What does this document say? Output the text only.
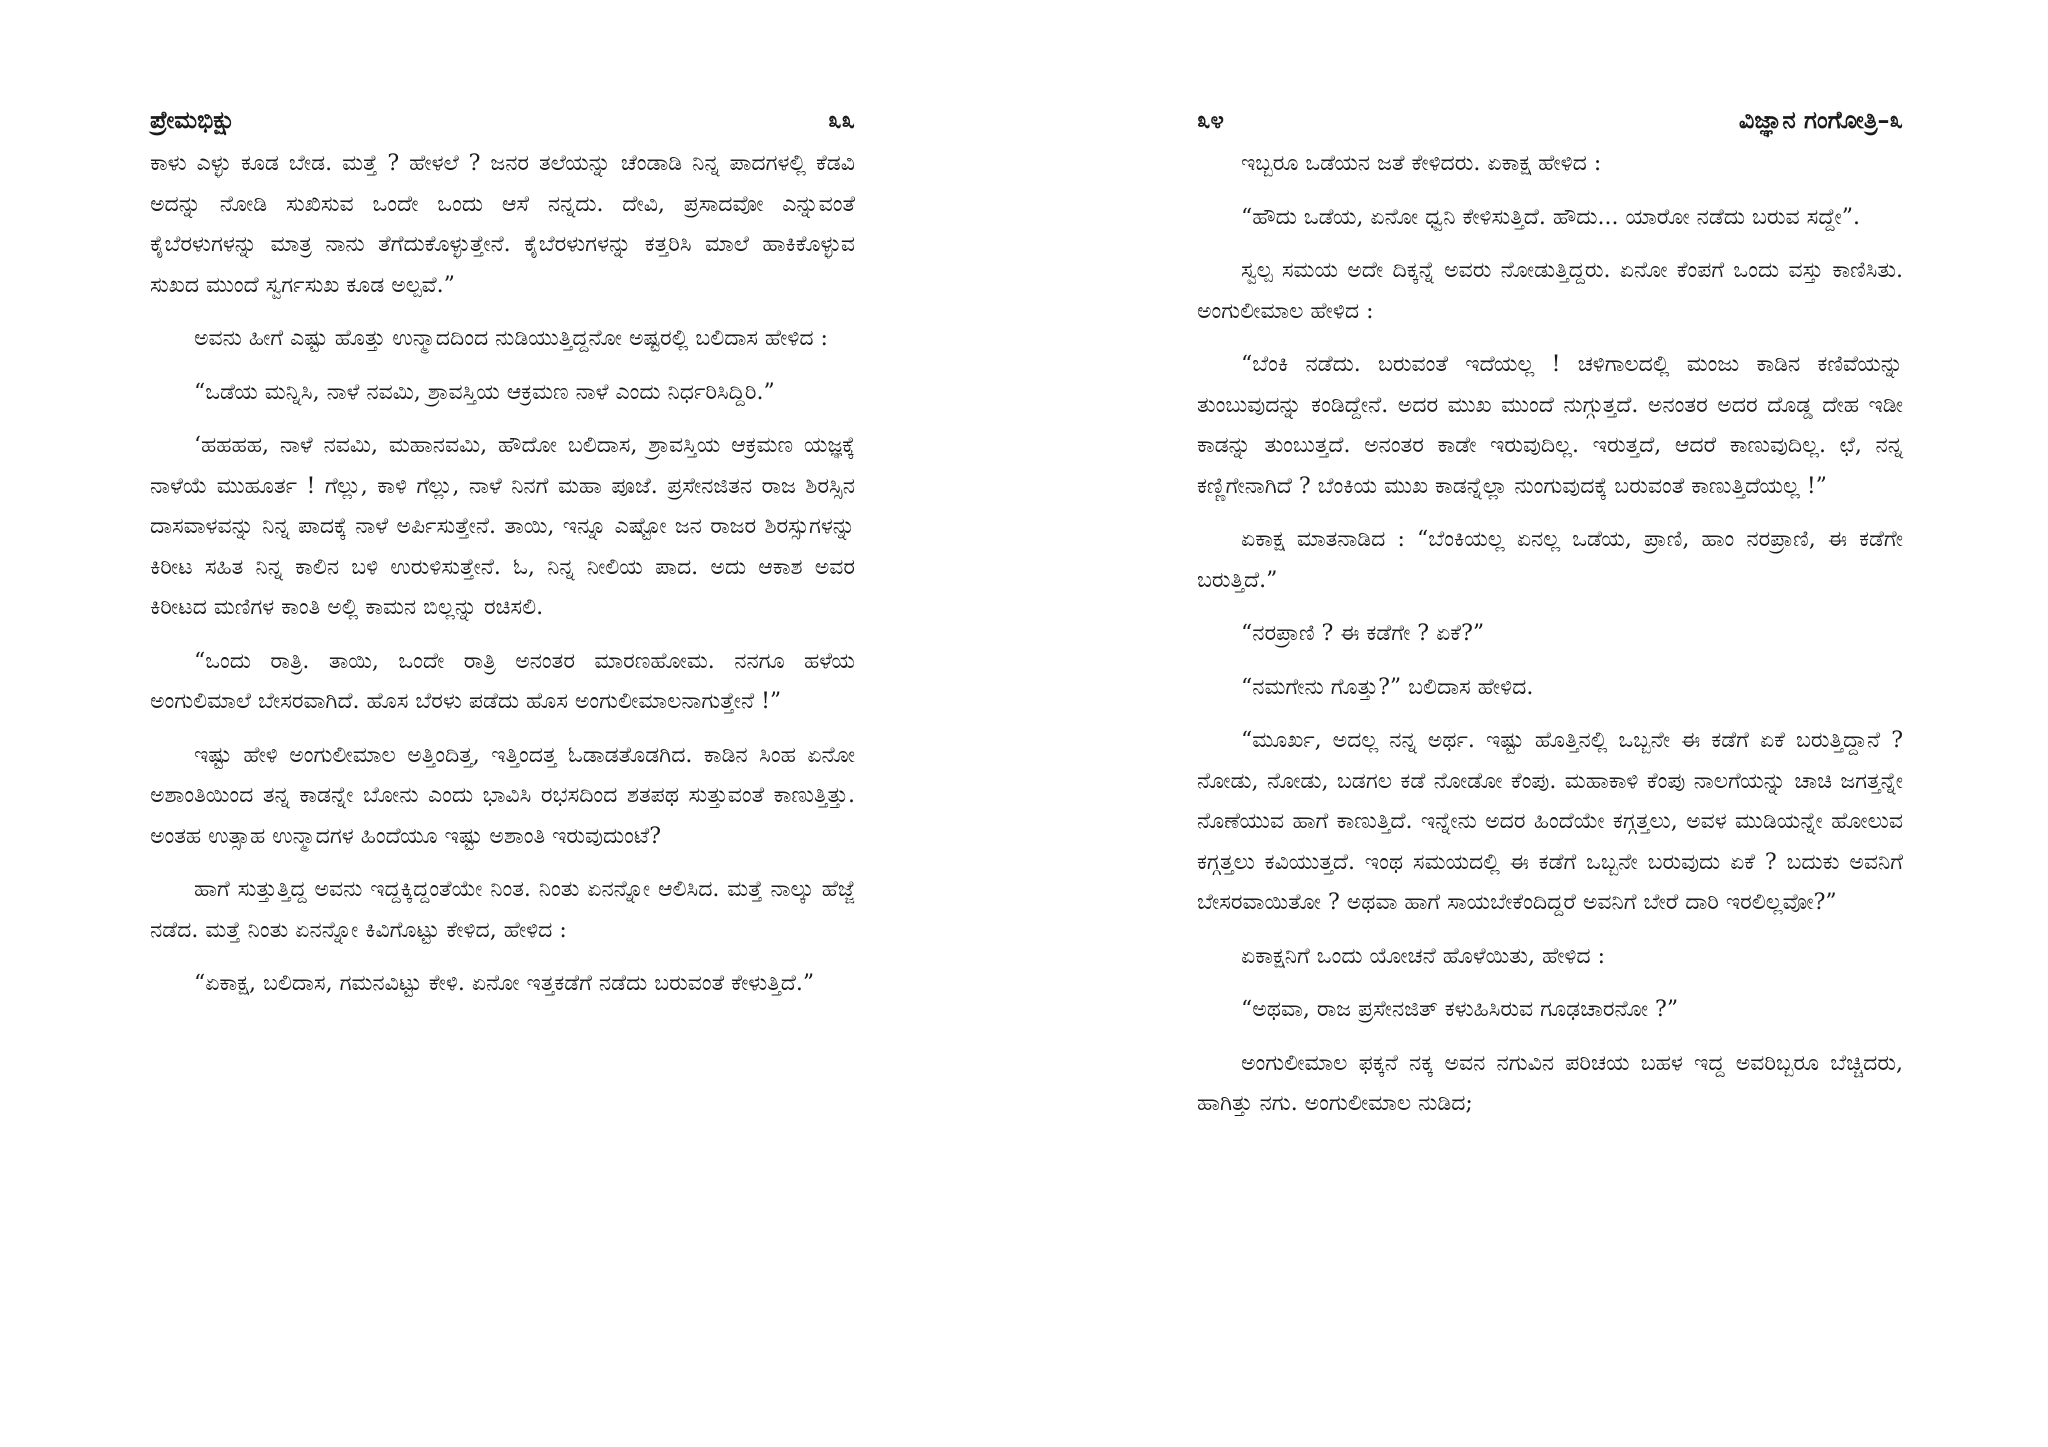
ಪ್ರೇಮಭಿಕ್ಷು	೩೩

ಕಾಳು ಎಳ್ಳು ಕೂಡ ಬೇಡ. ಮತ್ತೆ ? ಹೇಳಲೆ ? ಜನರ ತಲೆಯನ್ನು ಚೆಂಡಾಡಿ ನಿನ್ನ ಪಾದಗಳಲ್ಲಿ ಕೆಡವಿ ಅದನ್ನು ನೋಡಿ ಸುಖಿಸುವ ಒಂದೇ ಒಂದು ಆಸೆ ನನ್ನದು. ದೇವಿ, ಪ್ರಸಾದವೋ ಎನ್ನುವಂತೆ ಕೈಬೆರಳುಗಳನ್ನು ಮಾತ್ರ ನಾನು ತೆಗೆದುಕೊಳ್ಳುತ್ತೇನೆ. ಕೈಬೆರಳುಗಳನ್ನು ಕತ್ತರಿಸಿ ಮಾಲೆ ಹಾಕಿಕೊಳ್ಳುವ ಸುಖದ ಮುಂದೆ ಸ್ವರ್ಗಸುಖ ಕೂಡ ಅಲ್ಪವೆ.”

ಅವನು ಹೀಗೆ ಎಷ್ಟು ಹೊತ್ತು ಉನ್ಮಾದದಿಂದ ನುಡಿಯುತ್ತಿದ್ದನೋ ಅಷ್ಟರಲ್ಲಿ ಬಲಿದಾಸ ಹೇಳಿದ :

“ಒಡೆಯ ಮನ್ನಿಸಿ, ನಾಳೆ ನವಮಿ, ಶ್ರಾವಸ್ತಿಯ ಆಕ್ರಮಣ ನಾಳೆ ಎಂದು ನಿರ್ಧರಿಸಿದ್ದಿರಿ.”

‘ಹಹಹಹ, ನಾಳೆ ನವಮಿ, ಮಹಾನವಮಿ, ಹೌದೋ ಬಲಿದಾಸ, ಶ್ರಾವಸ್ತಿಯ ಆಕ್ರಮಣ ಯಜ್ಞಕ್ಕೆ ನಾಳೆಯೆ ಮುಹೂರ್ತ ! ಗೆಲ್ಲು, ಕಾಳಿ ಗೆಲ್ಲು, ನಾಳೆ ನಿನಗೆ ಮಹಾ ಪೂಜೆ. ಪ್ರಸೇನಜಿತನ ರಾಜ ಶಿರಸ್ಸಿನ ದಾಸವಾಳವನ್ನು ನಿನ್ನ ಪಾದಕ್ಕೆ ನಾಳೆ ಅರ್ಪಿಸುತ್ತೇನೆ. ತಾಯಿ, ಇನ್ನೂ ಎಷ್ಟೋ ಜನ ರಾಜರ ಶಿರಸ್ಸುಗಳನ್ನು ಕಿರೀಟ ಸಹಿತ ನಿನ್ನ ಕಾಲಿನ ಬಳಿ ಉರುಳಿಸುತ್ತೇನೆ. ಓ, ನಿನ್ನ ನೀಲಿಯ ಪಾದ. ಅದು ಆಕಾಶ ಅವರ ಕಿರೀಟದ ಮಣಿಗಳ ಕಾಂತಿ ಅಲ್ಲಿ ಕಾಮನ ಬಿಲ್ಲನ್ನು ರಚಿಸಲಿ.

“ಒಂದು ರಾತ್ರಿ. ತಾಯಿ, ಒಂದೇ ರಾತ್ರಿ ಅನಂತರ ಮಾರಣಹೋಮ. ನನಗೂ ಹಳೆಯ ಅಂಗುಲಿಮಾಲೆ ಬೇಸರವಾಗಿದೆ. ಹೊಸ ಬೆರಳು ಪಡೆದು ಹೊಸ ಅಂಗುಲೀಮಾಲನಾಗುತ್ತೇನೆ !”

ಇಷ್ಟು ಹೇಳಿ ಅಂಗುಲೀಮಾಲ ಅತ್ತಿಂದಿತ್ತ, ಇತ್ತಿಂದತ್ತ ಓಡಾಡತೊಡಗಿದ. ಕಾಡಿನ ಸಿಂಹ ಏನೋ ಅಶಾಂತಿಯಿಂದ ತನ್ನ ಕಾಡನ್ನೇ ಬೋನು ಎಂದು ಭಾವಿಸಿ ರಭಸದಿಂದ ಶತಪಥ ಸುತ್ತುವಂತೆ ಕಾಣುತ್ತಿತ್ತು. ಅಂತಹ ಉತ್ಸಾಹ ಉನ್ಮಾದಗಳ ಹಿಂದೆಯೂ ಇಷ್ಟು ಅಶಾಂತಿ ಇರುವುದುಂಟೆ?

ಹಾಗೆ ಸುತ್ತುತ್ತಿದ್ದ ಅವನು ಇದ್ದಕ್ಕಿದ್ದಂತೆಯೇ ನಿಂತ. ನಿಂತು ಏನನ್ನೋ ಆಲಿಸಿದ. ಮತ್ತೆ ನಾಲ್ಕು ಹೆಜ್ಜೆ ನಡೆದ. ಮತ್ತೆ ನಿಂತು ಏನನ್ನೋ ಕಿವಿಗೊಟ್ಟು ಕೇಳಿದ, ಹೇಳಿದ :

“ಏಕಾಕ್ಷ, ಬಲಿದಾಸ, ಗಮನವಿಟ್ಟು ಕೇಳಿ. ಏನೋ ಇತ್ತಕಡೆಗೆ ನಡೆದು ಬರುವಂತೆ ಕೇಳುತ್ತಿದೆ.”

೩೪	ವಿಜ್ಞಾನ ಗಂಗೋತ್ರಿ–೩

ಇಬ್ಬರೂ ಒಡೆಯನ ಜತೆ ಕೇಳಿದರು. ಏಕಾಕ್ಷ ಹೇಳಿದ :

“ಹೌದು ಒಡೆಯ, ಏನೋ ಧ್ವನಿ ಕೇಳಿಸುತ್ತಿದೆ. ಹೌದು... ಯಾರೋ ನಡೆದು ಬರುವ ಸದ್ದೇ”.

ಸ್ವಲ್ಪ ಸಮಯ ಅದೇ ದಿಕ್ಕನ್ನೆ ಅವರು ನೋಡುತ್ತಿದ್ದರು. ಏನೋ ಕೆಂಪಗೆ ಒಂದು ವಸ್ತು ಕಾಣಿಸಿತು. ಅಂಗುಲೀಮಾಲ ಹೇಳಿದ :

“ಬೆಂಕಿ ನಡೆದು. ಬರುವಂತೆ ಇದೆಯಲ್ಲ ! ಚಳಿಗಾಲದಲ್ಲಿ ಮಂಜು ಕಾಡಿನ ಕಣಿವೆಯನ್ನು ತುಂಬುವುದನ್ನು ಕಂಡಿದ್ದೇನೆ. ಅದರ ಮುಖ ಮುಂದೆ ನುಗ್ಗುತ್ತದೆ. ಅನಂತರ ಅದರ ದೊಡ್ಡ ದೇಹ ಇಡೀ ಕಾಡನ್ನು ತುಂಬುತ್ತದೆ. ಅನಂತರ ಕಾಡೇ ಇರುವುದಿಲ್ಲ. ಇರುತ್ತದೆ, ಆದರೆ ಕಾಣುವುದಿಲ್ಲ. ಛೆ, ನನ್ನ ಕಣ್ಣಿಗೇನಾಗಿದೆ ? ಬೆಂಕಿಯ ಮುಖ ಕಾಡನ್ನೆಲ್ಲಾ ನುಂಗುವುದಕ್ಕೆ ಬರುವಂತೆ ಕಾಣುತ್ತಿದೆಯಲ್ಲ !”

ಏಕಾಕ್ಷ ಮಾತನಾಡಿದ : “ಬೆಂಕಿಯಲ್ಲ ಏನಲ್ಲ ಒಡೆಯ, ಪ್ರಾಣಿ, ಹಾಂ ನರಪ್ರಾಣಿ, ಈ ಕಡೆಗೇ ಬರುತ್ತಿದೆ.”

“ನರಪ್ರಾಣಿ ? ಈ ಕಡೆಗೇ ? ಏಕೆ?”

“ನಮಗೇನು ಗೊತ್ತು?” ಬಲಿದಾಸ ಹೇಳಿದ.

“ಮೂರ್ಖ, ಅದಲ್ಲ ನನ್ನ ಅರ್ಥ. ಇಷ್ಟು ಹೊತ್ತಿನಲ್ಲಿ ಒಬ್ಬನೇ ಈ ಕಡೆಗೆ ಏಕೆ ಬರುತ್ತಿದ್ದಾನೆ ? ನೋಡು, ನೋಡು, ಬಡಗಲ ಕಡೆ ನೋಡೋ ಕೆಂಪು. ಮಹಾಕಾಳಿ ಕೆಂಪು ನಾಲಗೆಯನ್ನು ಚಾಚಿ ಜಗತ್ತನ್ನೇ ನೊಣೆಯುವ ಹಾಗೆ ಕಾಣುತ್ತಿದೆ. ಇನ್ನೇನು ಅದರ ಹಿಂದೆಯೇ ಕಗ್ಗತ್ತಲು, ಅವಳ ಮುಡಿಯನ್ನೇ ಹೋಲುವ ಕಗ್ಗತ್ತಲು ಕವಿಯುತ್ತದೆ. ಇಂಥ ಸಮಯದಲ್ಲಿ ಈ ಕಡೆಗೆ ಒಬ್ಬನೇ ಬರುವುದು ಏಕೆ ? ಬದುಕು ಅವನಿಗೆ ಬೇಸರವಾಯಿತೋ ? ಅಥವಾ ಹಾಗೆ ಸಾಯಬೇಕೆಂದಿದ್ದರೆ ಅವನಿಗೆ ಬೇರೆ ದಾರಿ ಇರಲಿಲ್ಲವೋ?”

ಏಕಾಕ್ಷನಿಗೆ ಒಂದು ಯೋಚನೆ ಹೊಳೆಯಿತು, ಹೇಳಿದ :

“ಅಥವಾ, ರಾಜ ಪ್ರಸೇನಜಿತ್ ಕಳುಹಿಸಿರುವ ಗೂಢಚಾರನೋ ?”

ಅಂಗುಲೀಮಾಲ ಫಕ್ಕನೆ ನಕ್ಕ ಅವನ ನಗುವಿನ ಪರಿಚಯ ಬಹಳ ಇದ್ದ ಅವರಿಬ್ಬರೂ ಬೆಚ್ಚಿದರು, ಹಾಗಿತ್ತು ನಗು. ಅಂಗುಲೀಮಾಲ ನುಡಿದ;
